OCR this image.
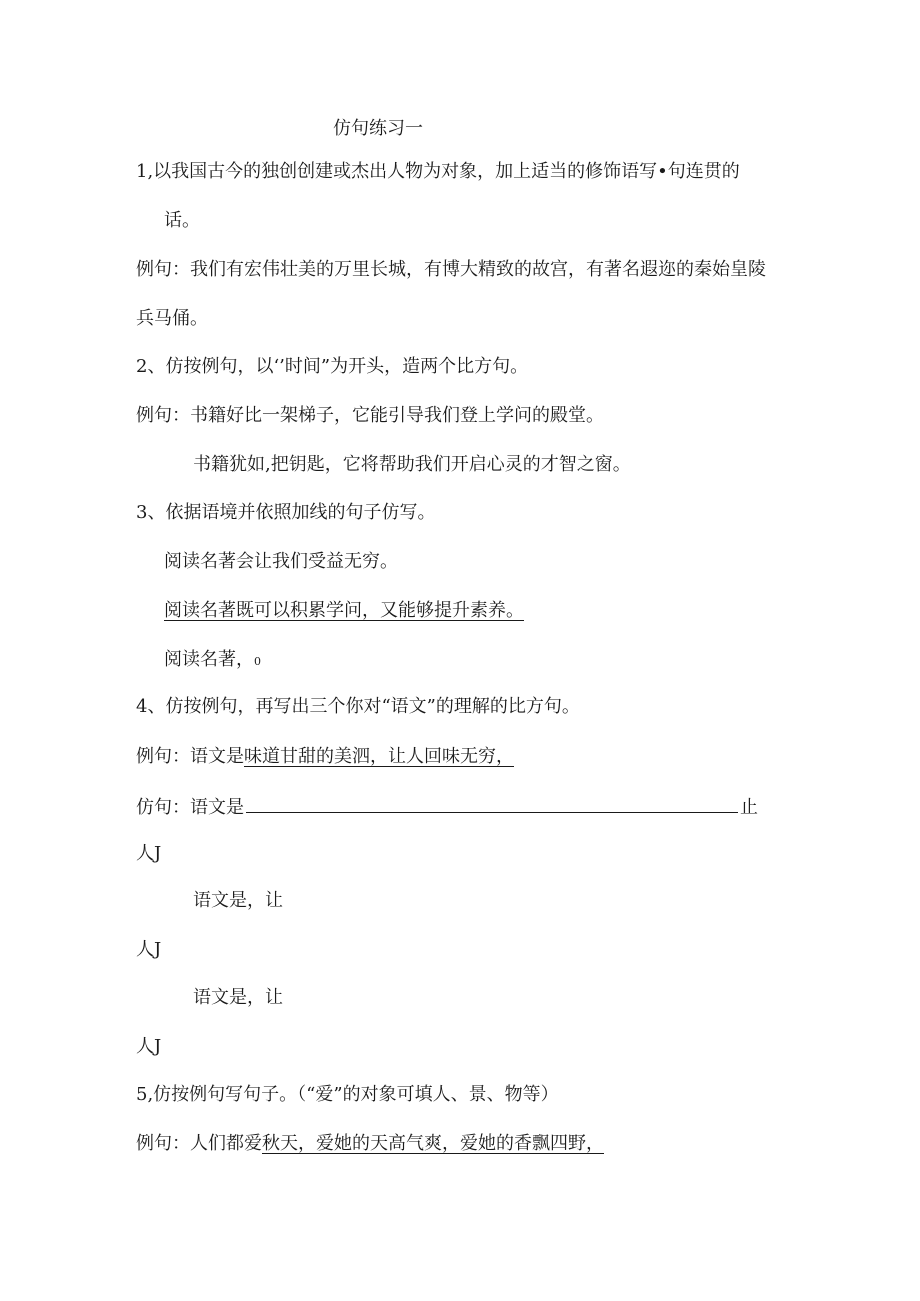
仿句练习一
1,以我国古今的独创创建或杰出人物为对象，加上适当的修饰语写•句连贯的
话。
例句：我们有宏伟壮美的万里长城，有博大精致的故宫，有著名遐迩的秦始皇陵
兵马俑。
2、仿按例句，以‘’时间”为开头，造两个比方句。
例句：书籍好比一架梯子，它能引导我们登上学问的殿堂。
书籍犹如,把钥匙，它将帮助我们开启心灵的才智之窗。
3、依据语境并依照加线的句子仿写。
阅读名著会让我们受益无穷。
阅读名著既可以积累学问，又能够提升素养。
阅读名著，0
4、仿按例句，再写出三个你对“语文”的理解的比方句。
例句：语文是味道甘甜的美泗，让人回味无穷，
仿句：语文是	止
人J
语文是，让
人J
语文是，让
人J
5,仿按例句写句子。（“爱”的对象可填人、景、物等）
例句：人们都爱秋天，爱她的天高气爽，爱她的香飘四野，
